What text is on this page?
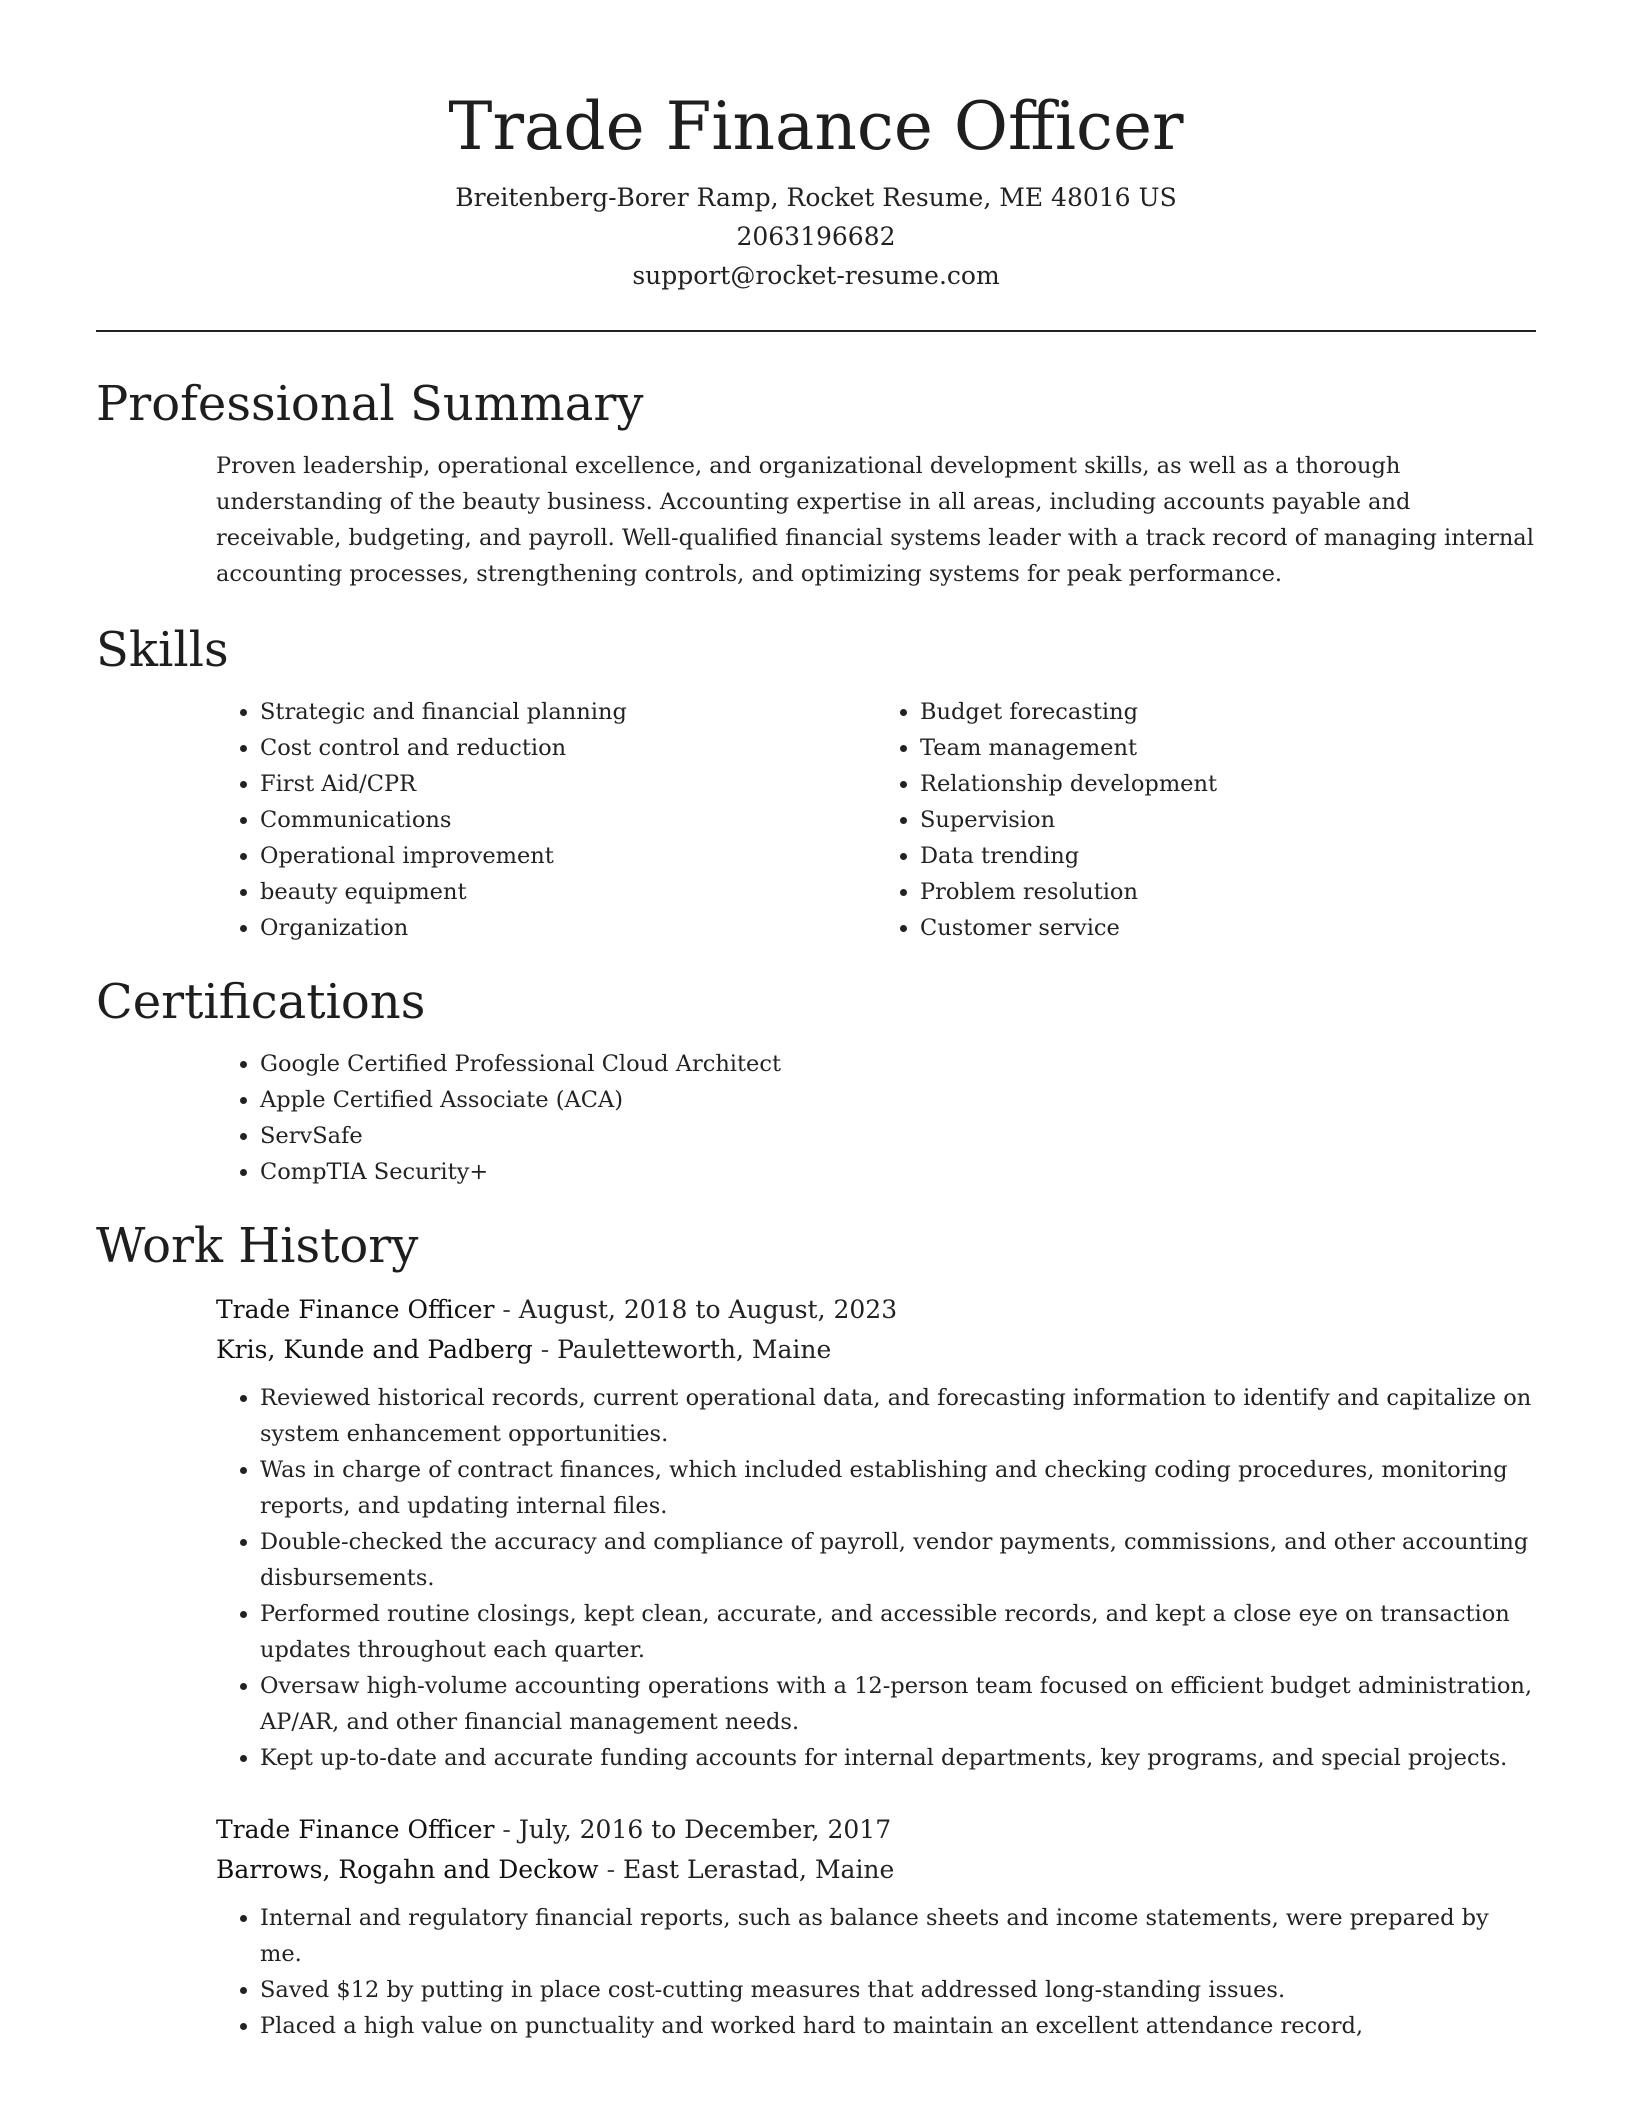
Trade Finance Officer

Breitenberg-Borer Ramp, Rocket Resume, ME 48016 US

2063196682

support@rocket-resume.com

Professional Summary

Proven leadership, operational excellence, and organizational development skills, as well as a thorough understanding of the beauty business. Accounting expertise in all areas, including accounts payable and receivable, budgeting, and payroll. Well-qualified financial systems leader with a track record of managing internal accounting processes, strengthening controls, and optimizing systems for peak performance.

Skills
• Strategic and financial planning
• Cost control and reduction
• First Aid/CPR
• Communications
• Operational improvement
• beauty equipment
• Organization
• Budget forecasting
• Team management
• Relationship development
• Supervision
• Data trending
• Problem resolution
• Customer service
Certifications
• Google Certified Professional Cloud Architect
• Apple Certified Associate (ACA)
• ServSafe
• CompTIA Security+
Work History

Trade Finance Officer - August, 2018 to August, 2023

Kris, Kunde and Padberg - Pauletteworth, Maine

• Reviewed historical records, current operational data, and forecasting information to identify and capitalize on system enhancement opportunities.
• Was in charge of contract finances, which included establishing and checking coding procedures, monitoring reports, and updating internal files.
• Double-checked the accuracy and compliance of payroll, vendor payments, commissions, and other accounting disbursements.
• Performed routine closings, kept clean, accurate, and accessible records, and kept a close eye on transaction updates throughout each quarter.
• Oversaw high-volume accounting operations with a 12-person team focused on efficient budget administration, AP/AR, and other financial management needs.
• Kept up-to-date and accurate funding accounts for internal departments, key programs, and special projects.

Trade Finance Officer - July, 2016 to December, 2017

Barrows, Rogahn and Deckow - East Lerastad, Maine

• Internal and regulatory financial reports, such as balance sheets and income statements, were prepared by me.
• Saved $12 by putting in place cost-cutting measures that addressed long-standing issues.
• Placed a high value on punctuality and worked hard to maintain an excellent attendance record,
